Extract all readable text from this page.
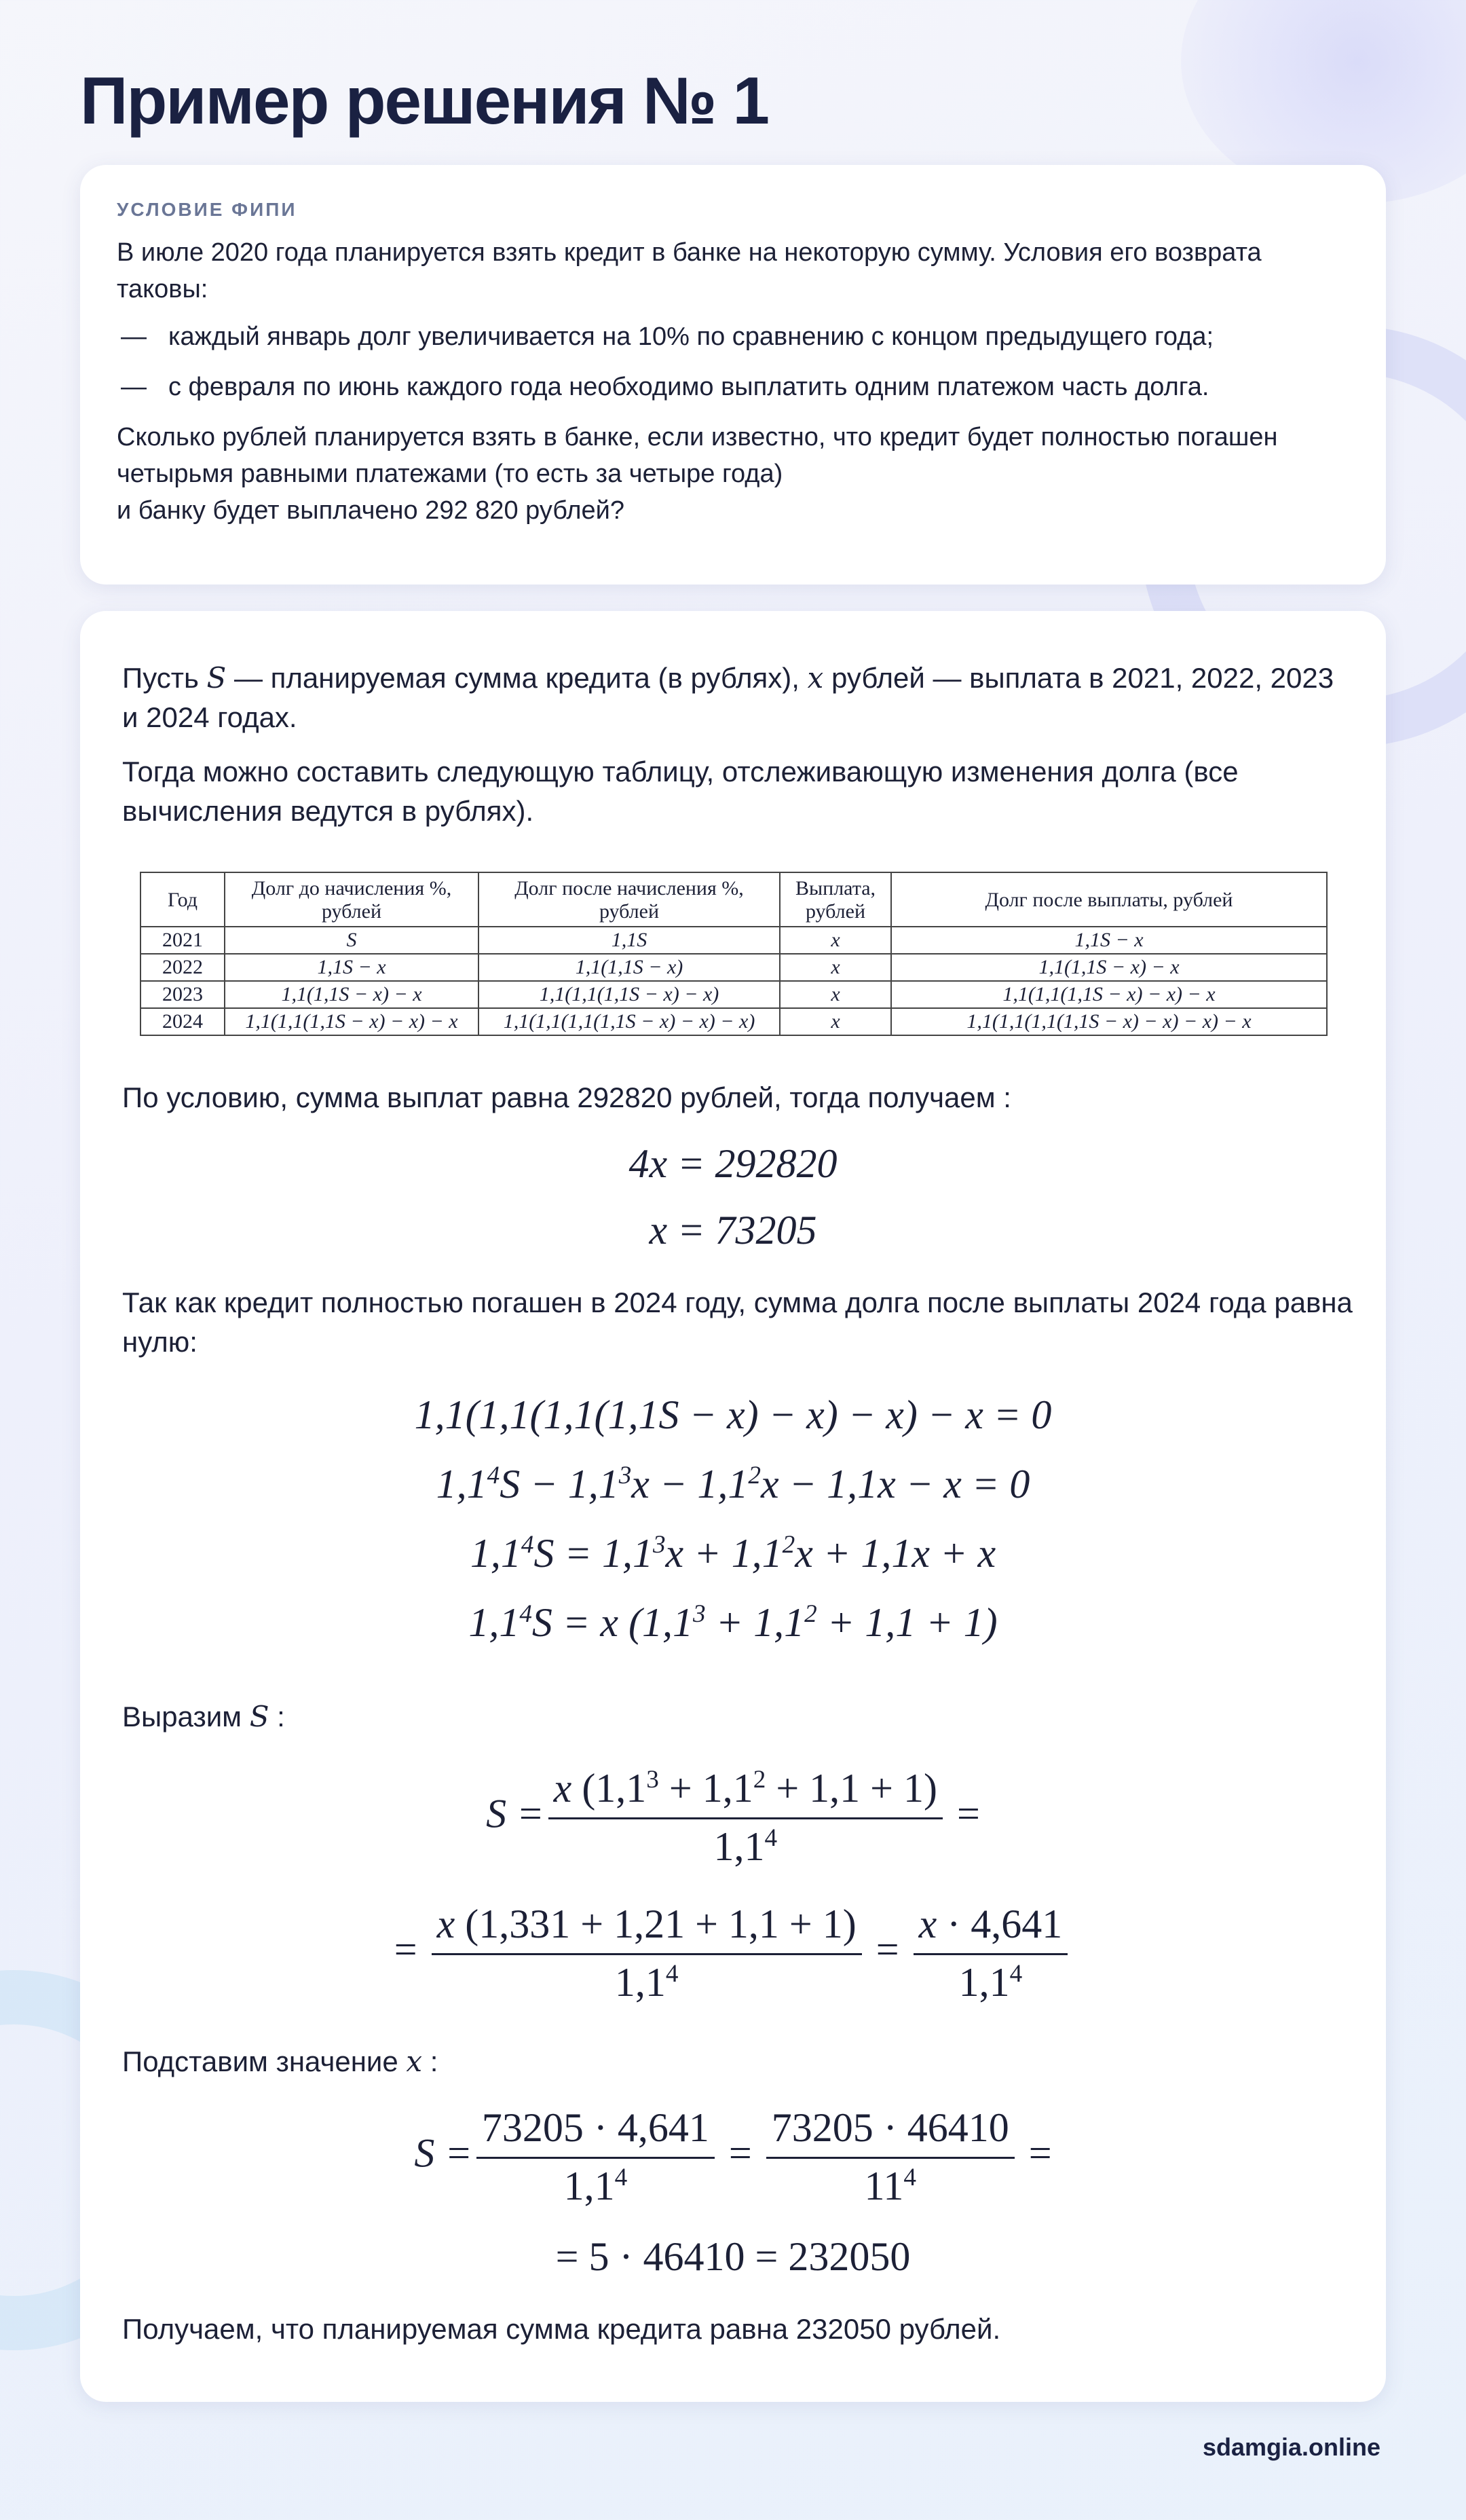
Пример решения № 1
УСЛОВИЕ ФИПИ

В июле 2020 года планируется взять кредит в банке на некоторую сумму. Условия его возврата таковы:

— каждый январь долг увеличивается на 10% по сравнению с концом предыдущего года;
— с февраля по июнь каждого года необходимо выплатить одним платежом часть долга.

Сколько рублей планируется взять в банке, если известно, что кредит будет полностью погашен четырьмя равными платежами (то есть за четыре года)
и банку будет выплачено 292 820 рублей?

Пусть S — планируемая сумма кредита (в рублях), x рублей — выплата в 2021, 2022, 2023 и 2024 годах.

Тогда можно составить следующую таблицу, отслеживающую изменения долга (все вычисления ведутся в рублях).

Год	Долг до начисления %, рублей	Долг после начисления %, рублей	Выплата, рублей	Долг после выплаты, рублей
2021	S	1,1S	x	1,1S − x
2022	1,1S − x	1,1(1,1S − x)	x	1,1(1,1S − x) − x
2023	1,1(1,1S − x) − x	1,1(1,1(1,1S − x) − x)	x	1,1(1,1(1,1S − x) − x) − x
2024	1,1(1,1(1,1S − x) − x) − x	1,1(1,1(1,1(1,1S − x) − x) − x)	x	1,1(1,1(1,1(1,1S − x) − x) − x) − x

По условию, сумма выплат равна 292820 рублей, тогда получаем :

4x = 292820
x = 73205

Так как кредит полностью погашен в 2024 году, сумма долга после выплаты 2024 года равна нулю:

1,1(1,1(1,1(1,1S − x) − x) − x) − x = 0
$1,1^4S - 1,1^3x - 1,1^2x - 1,1x - x = 0$
$1,1^4S = 1,1^3x + 1,1^2x + 1,1x + x$
$1,1^4S = x$ $(1,1^3 + 1,1^2 + 1,1 + 1)$

Выразим S :

$S = \frac{x (1,1^3 + 1,1^2 + 1,1 + 1)}{1,1^4}$ =
= $\frac{x (1,331 + 1,21 + 1,1 + 1)}{1,1^4} = \frac{x \cdot 4,641}{1,1^4}$

Подставим значение x :

$S = \frac{73205 \cdot 4,641}{1,1^4} = \frac{73205 \cdot 46410}{11^4}$ =
= 5 · 46410 = 232050

Получаем, что планируемая сумма кредита равна 232050 рублей.

sdamgia.online
